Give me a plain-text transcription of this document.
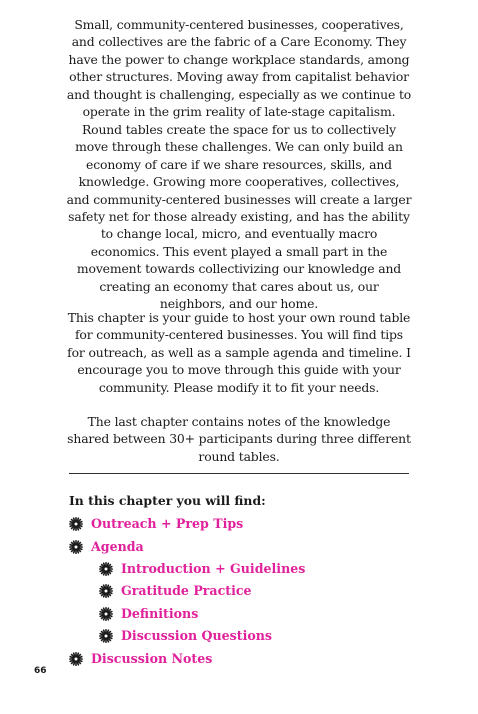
Small, community-centered businesses, cooperatives, and collectives are the fabric of a Care Economy. They have the power to change workplace standards, among other structures. Moving away from capitalist behavior and thought is challenging, especially as we continue to operate in the grim reality of late-stage capitalism. Round tables create the space for us to collectively move through these challenges. We can only build an economy of care if we share resources, skills, and knowledge. Growing more cooperatives, collectives, and community-centered businesses will create a larger safety net for those already existing, and has the ability to change local, micro, and eventually macro economics. This event played a small part in the movement towards collectivizing our knowledge and creating an economy that cares about us, our neighbors, and our home.

This chapter is your guide to host your own round table for community-centered businesses. You will find tips for outreach, as well as a sample agenda and timeline. I encourage you to move through this guide with your community. Please modify it to fit your needs.

The last chapter contains notes of the knowledge shared between 30+ participants during three different round tables.

In this chapter you will find:

Outreach + Prep Tips
Agenda
Introduction + Guidelines
Gratitude Practice
Definitions
Discussion Questions
Discussion Notes
66
